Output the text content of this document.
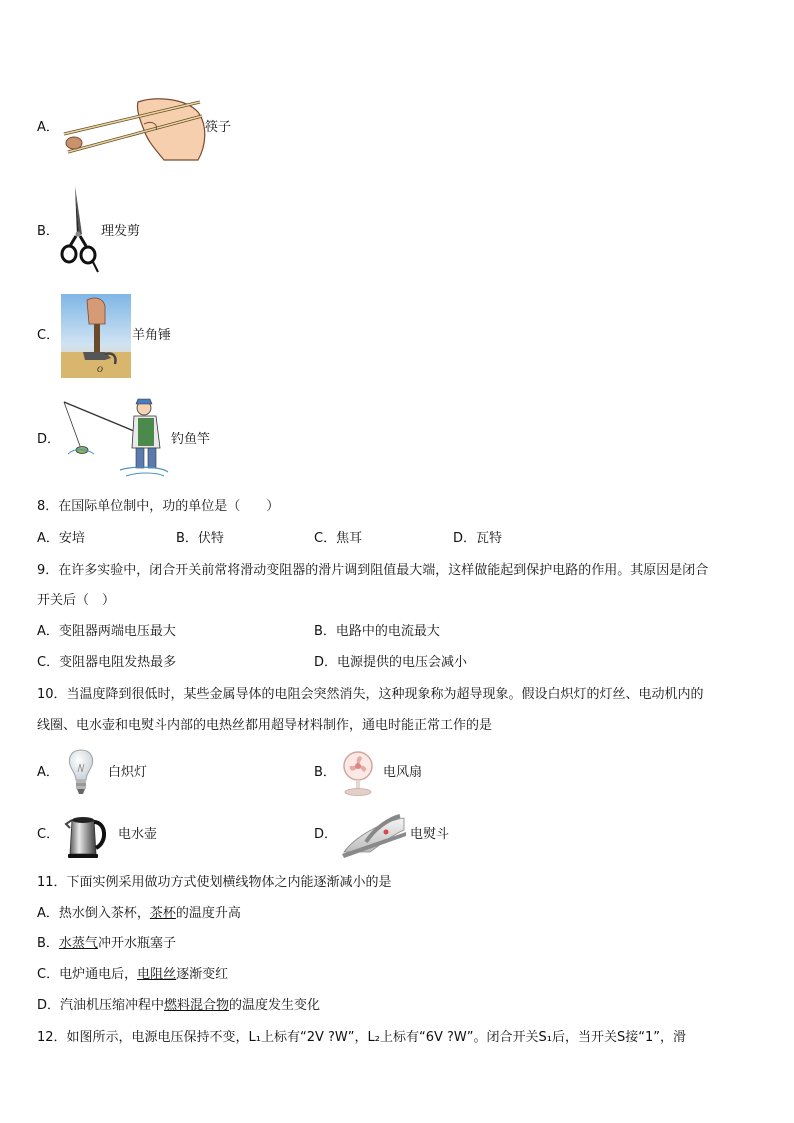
A．	筷子
B．	理发剪
C．
O
羊角锤
D．	钓鱼竿
8．在国际单位制中，功的单位是（　　）
A．安培	B．伏特	C．焦耳	D．瓦特
9．在许多实验中，闭合开关前常将滑动变阻器的滑片调到阻值最大端，这样做能起到保护电路的作用。其原因是闭合
开关后（　）
A．变阻器两端电压最大	B．电路中的电流最大
C．变阻器电阻发热最多	D．电源提供的电压会减小
10．当温度降到很低时，某些金属导体的电阻会突然消失，这种现象称为超导现象。假设白炽灯的灯丝、电动机内的
线圈、电水壶和电熨斗内部的电热丝都用超导材料制作，通电时能正常工作的是
A．	白炽灯	B．	电风扇
C．	电水壶	D．	电熨斗
11．下面实例采用做功方式使划横线物体之内能逐渐减小的是
A．热水倒入茶杯，茶杯的温度升高
B．水蒸气冲开水瓶塞子
C．电炉通电后，电阻丝逐渐变红
D．汽油机压缩冲程中燃料混合物的温度发生变化
12．如图所示，电源电压保持不变，L₁上标有“2V ?W”，L₂上标有“6V ?W”。闭合开关S₁后，当开关S接“1”，滑
